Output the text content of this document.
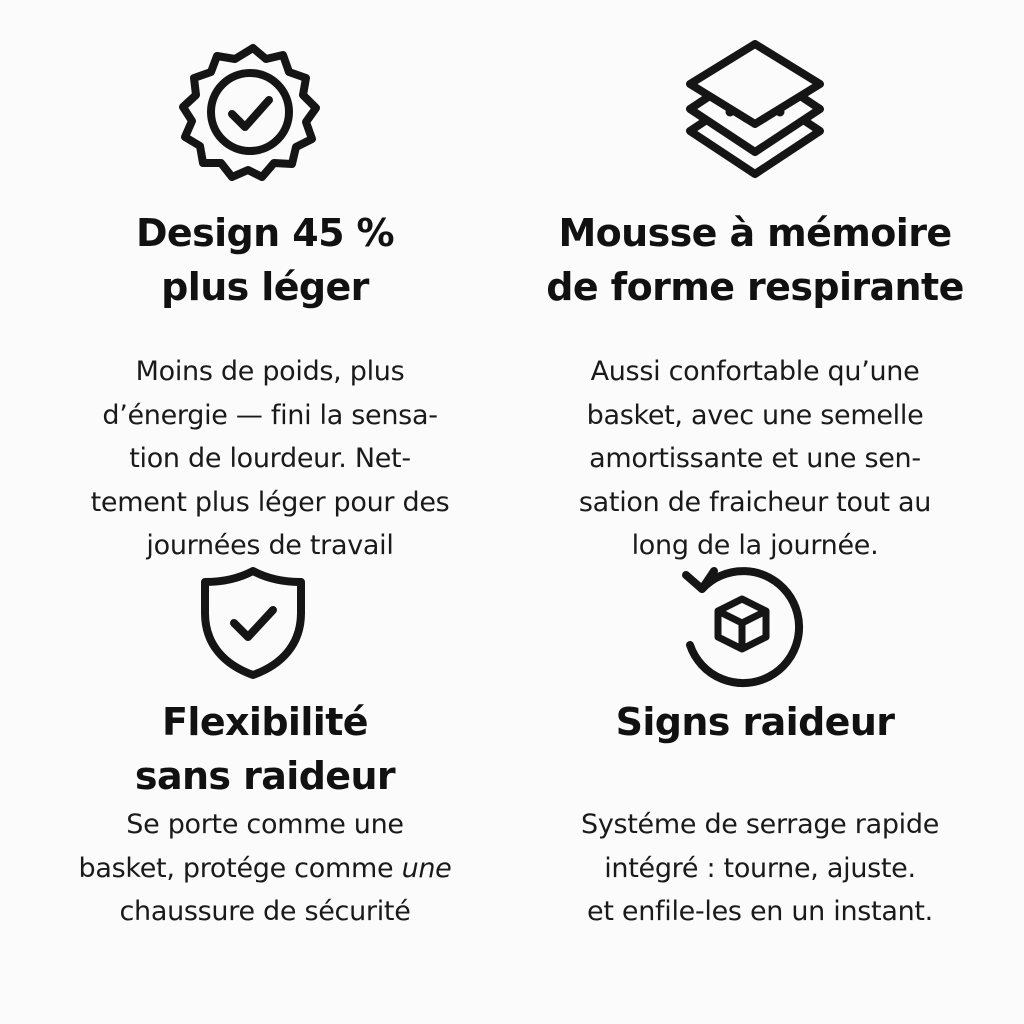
Design 45 %
plus léger

Moins de poids, plus
d’énergie — fini la sensa-
tion de lourdeur. Net-
tement plus léger pour des
journées de travail

Mousse à mémoire
de forme respirante

Aussi confortable qu’une
basket, avec une semelle
amortissante et une sen-
sation de fraicheur tout au
long de la journée.

Flexibilité
sans raideur

Se porte comme une
basket, protége comme une
chaussure de sécurité

Signs raideur

Systéme de serrage rapide
intégré : tourne, ajuste.
et enfile-les en un instant.
